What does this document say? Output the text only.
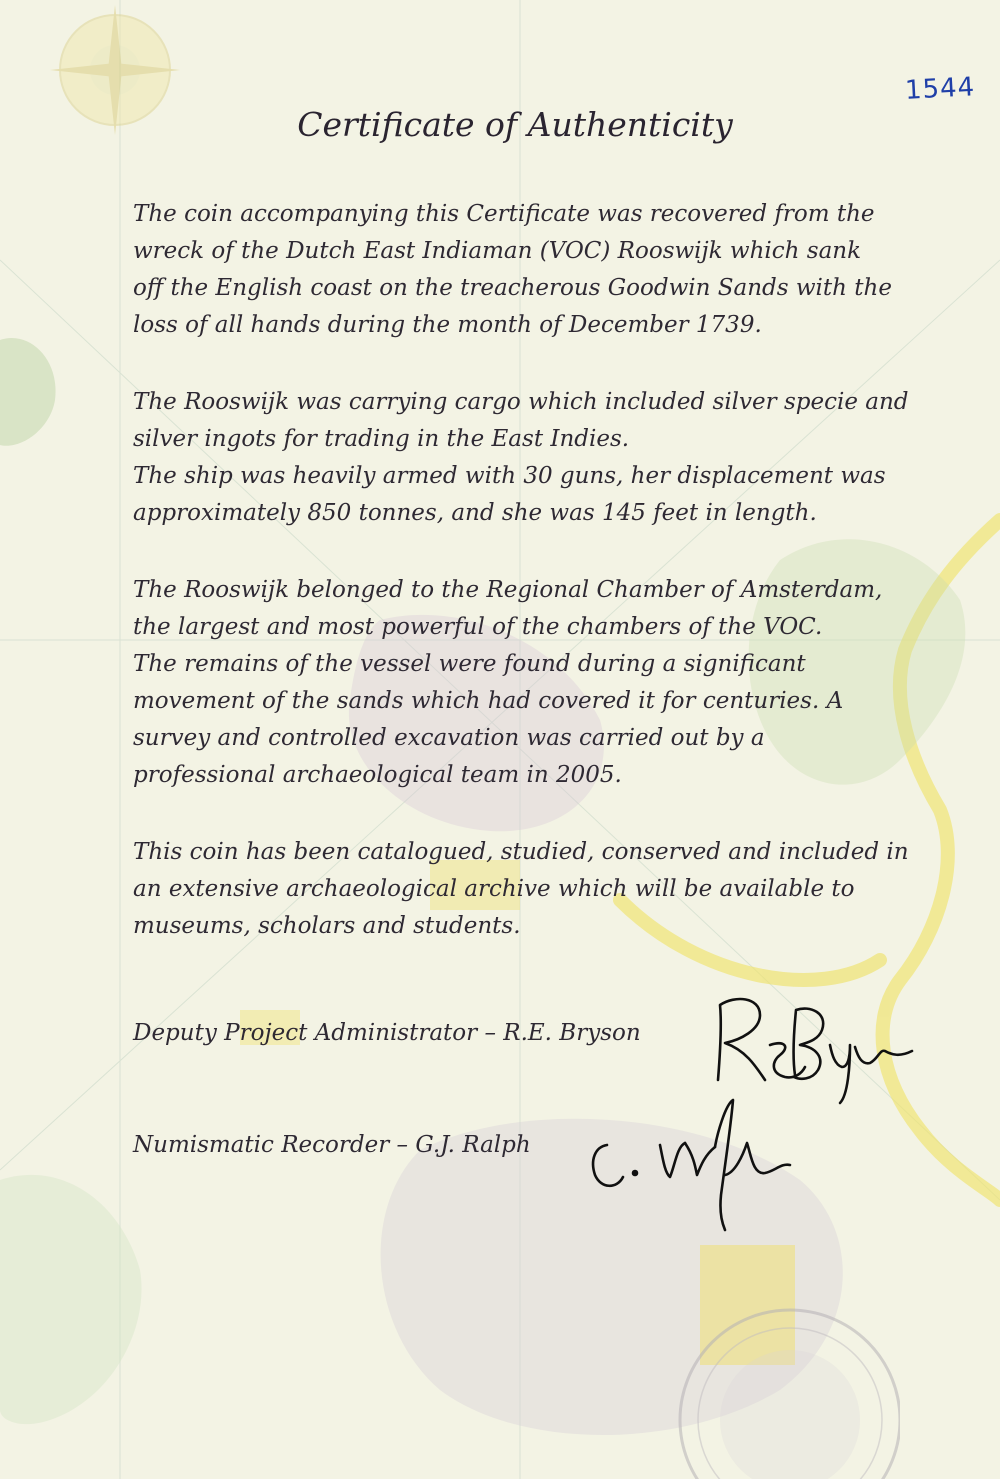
1544
Certificate of Authenticity
The coin accompanying this Certificate was recovered from the
wreck of the Dutch East Indiaman (VOC) Rooswijk which sank
off the English coast on the treacherous Goodwin Sands with the
loss of all hands during the month of December 1739.
The Rooswijk was carrying cargo which included silver specie and
silver ingots for trading in the East Indies.
The ship was heavily armed with 30 guns, her displacement was
approximately 850 tonnes, and she was 145 feet in length.
The Rooswijk belonged to the Regional Chamber of Amsterdam,
the largest and most powerful of the chambers of the VOC.
The remains of the vessel were found during a significant
movement of the sands which had covered it for centuries. A
survey and controlled excavation was carried out by a
professional archaeological team in 2005.
This coin has been catalogued, studied, conserved and included in
an extensive archaeological archive which will be available to
museums, scholars and students.
Deputy Project Administrator – R.E. Bryson
Numismatic Recorder – G.J. Ralph
